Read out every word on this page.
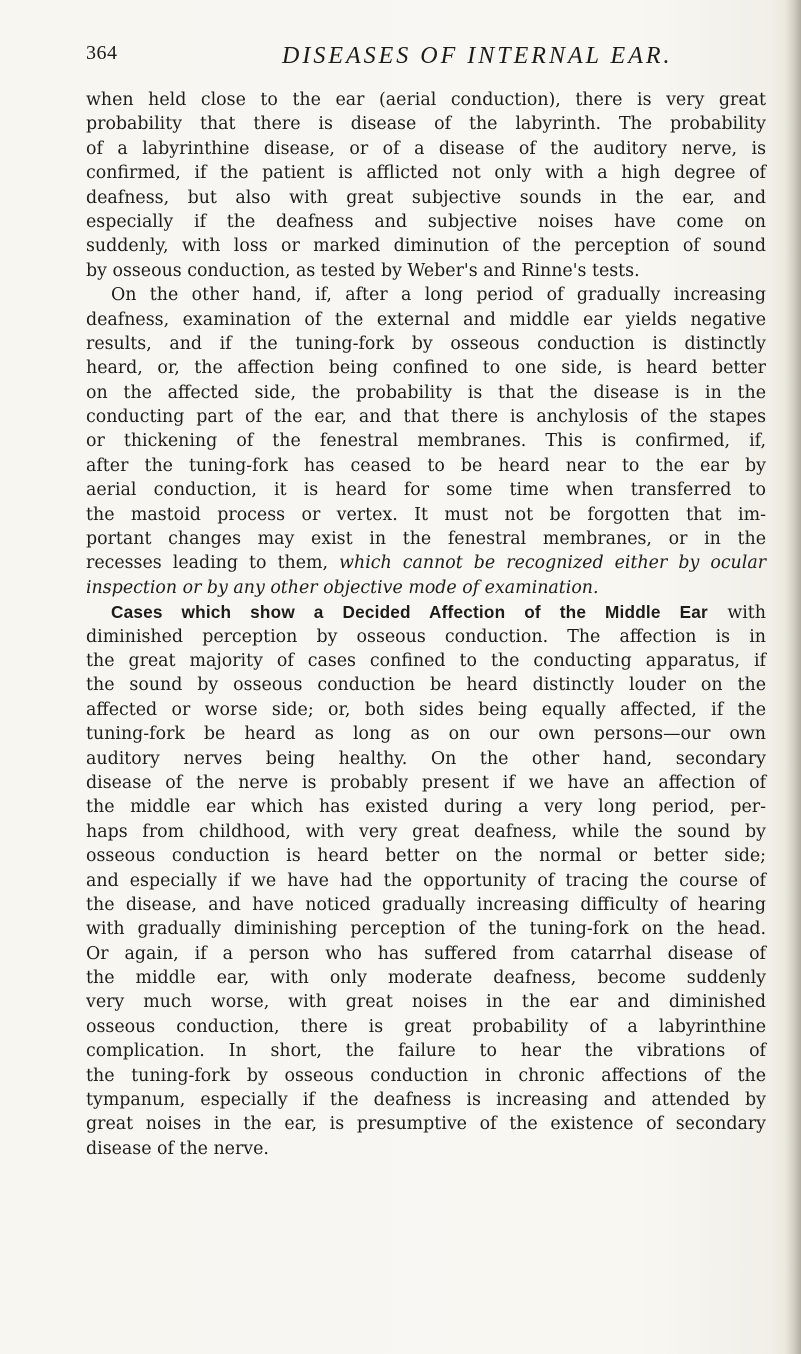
364	DISEASES OF INTERNAL EAR.
when held close to the ear (aerial conduction), there is very great
probability that there is disease of the labyrinth. The probability
of a labyrinthine disease, or of a disease of the auditory nerve, is
confirmed, if the patient is afflicted not only with a high degree of
deafness, but also with great subjective sounds in the ear, and
especially if the deafness and subjective noises have come on
suddenly, with loss or marked diminution of the perception of sound
by osseous conduction, as tested by Weber's and Rinne's tests.
On the other hand, if, after a long period of gradually increasing
deafness, examination of the external and middle ear yields negative
results, and if the tuning-fork by osseous conduction is distinctly
heard, or, the affection being confined to one side, is heard better
on the affected side, the probability is that the disease is in the
conducting part of the ear, and that there is anchylosis of the stapes
or thickening of the fenestral membranes. This is confirmed, if,
after the tuning-fork has ceased to be heard near to the ear by
aerial conduction, it is heard for some time when transferred to
the mastoid process or vertex. It must not be forgotten that im-
portant changes may exist in the fenestral membranes, or in the
recesses leading to them, which cannot be recognized either by ocular
inspection or by any other objective mode of examination.
Cases which show a Decided Affection of the Middle Ear with
diminished perception by osseous conduction. The affection is in
the great majority of cases confined to the conducting apparatus, if
the sound by osseous conduction be heard distinctly louder on the
affected or worse side; or, both sides being equally affected, if the
tuning-fork be heard as long as on our own persons—our own
auditory nerves being healthy. On the other hand, secondary
disease of the nerve is probably present if we have an affection of
the middle ear which has existed during a very long period, per-
haps from childhood, with very great deafness, while the sound by
osseous conduction is heard better on the normal or better side;
and especially if we have had the opportunity of tracing the course of
the disease, and have noticed gradually increasing difficulty of hearing
with gradually diminishing perception of the tuning-fork on the head.
Or again, if a person who has suffered from catarrhal disease of
the middle ear, with only moderate deafness, become suddenly
very much worse, with great noises in the ear and diminished
osseous conduction, there is great probability of a labyrinthine
complication. In short, the failure to hear the vibrations of
the tuning-fork by osseous conduction in chronic affections of the
tympanum, especially if the deafness is increasing and attended by
great noises in the ear, is presumptive of the existence of secondary
disease of the nerve.
